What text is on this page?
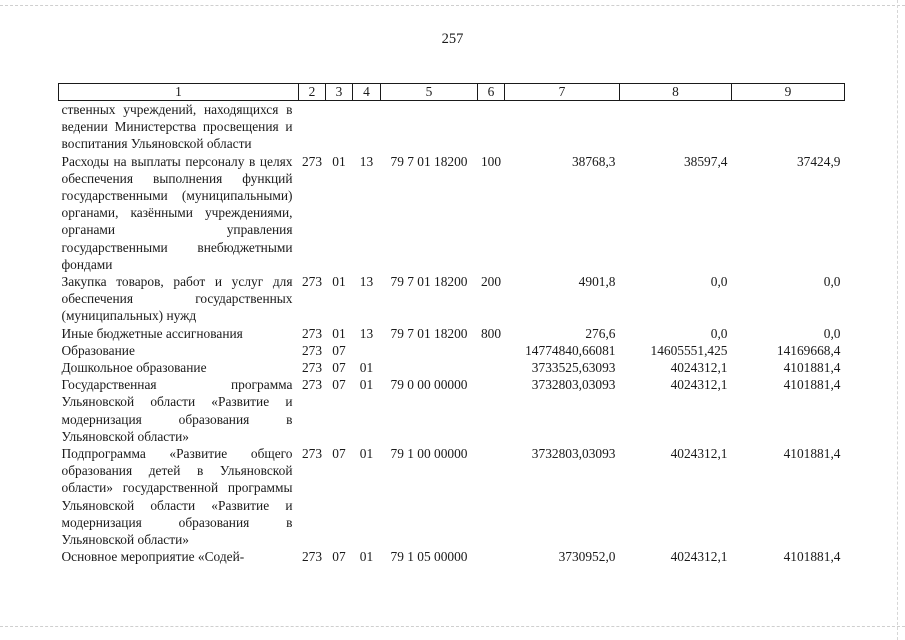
257
1	2	3	4	5	6	7	8	9
ственных учреждений, находящихся в ведении Министерства просвещения и воспитания Ульяновской области								
Расходы на выплаты персоналу в целях обеспечения выполнения функций государственными (муниципальными) органами, казёнными учреждениями, органами управления государственными внебюджетными фондами	273	01	13	79 7 01 18200	100	38768,3	38597,4	37424,9
Закупка товаров, работ и услуг для обеспечения государственных (муниципальных) нужд	273	01	13	79 7 01 18200	200	4901,8	0,0	0,0
Иные бюджетные ассигнования	273	01	13	79 7 01 18200	800	276,6	0,0	0,0
Образование	273	07				14774840,66081	14605551,425	14169668,4
Дошкольное образование	273	07	01			3733525,63093	4024312,1	4101881,4
Государственная программа Ульяновской области «Развитие и модернизация образования в Ульяновской области»	273	07	01	79 0 00 00000		3732803,03093	4024312,1	4101881,4
Подпрограмма «Развитие общего образования детей в Ульяновской области» государственной программы Ульяновской области «Развитие и модернизация образования в Ульяновской области»	273	07	01	79 1 00 00000		3732803,03093	4024312,1	4101881,4
Основное мероприятие «Содей-	273	07	01	79 1 05 00000		3730952,0	4024312,1	4101881,4
